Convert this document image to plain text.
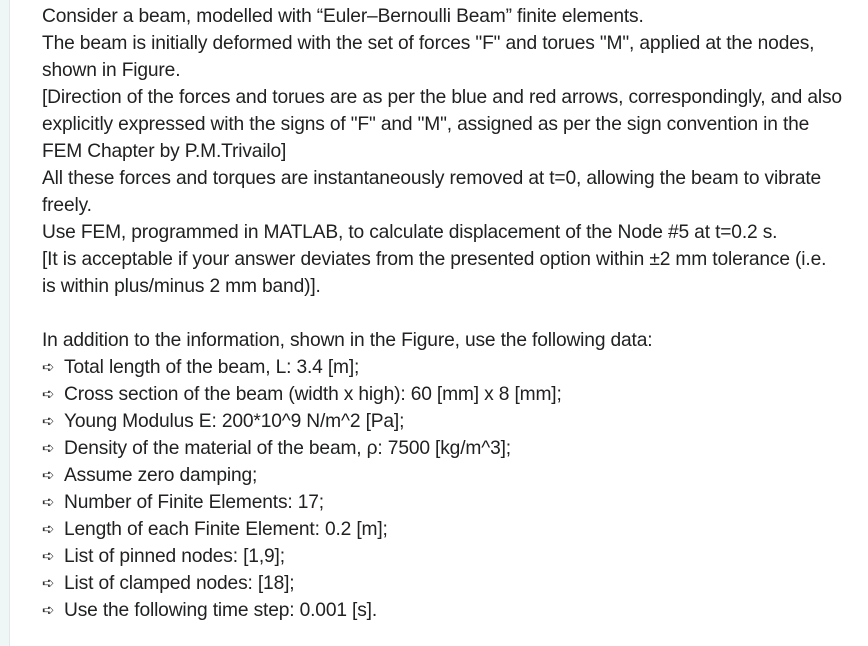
Consider a beam, modelled with “Euler–Bernoulli Beam” finite elements.

The beam is initially deformed with the set of forces "F" and torues "M", applied at the nodes, shown in Figure.

[Direction of the forces and torues are as per the blue and red arrows, correspondingly, and also explicitly expressed with the signs of "F" and "M", assigned as per the sign convention in the FEM Chapter by P.M.Trivailo]

All these forces and torques are instantaneously removed at t=0, allowing the beam to vibrate freely.

Use FEM, programmed in MATLAB, to calculate displacement of the Node #5 at t=0.2 s.

[It is acceptable if your answer deviates from the presented option within ±2 mm tolerance (i.e. is within plus/minus 2 mm band)].

In addition to the information, shown in the Figure, use the following data:

➪ Total length of the beam, L: 3.4 [m];
➪ Cross section of the beam (width x high): 60 [mm] x 8 [mm];
➪ Young Modulus E: 200*10^9 N/m^2 [Pa];
➪ Density of the material of the beam, ρ: 7500 [kg/m^3];
➪ Assume zero damping;
➪ Number of Finite Elements: 17;
➪ Length of each Finite Element: 0.2 [m];
➪ List of pinned nodes: [1,9];
➪ List of clamped nodes: [18];
➪ Use the following time step: 0.001 [s].
